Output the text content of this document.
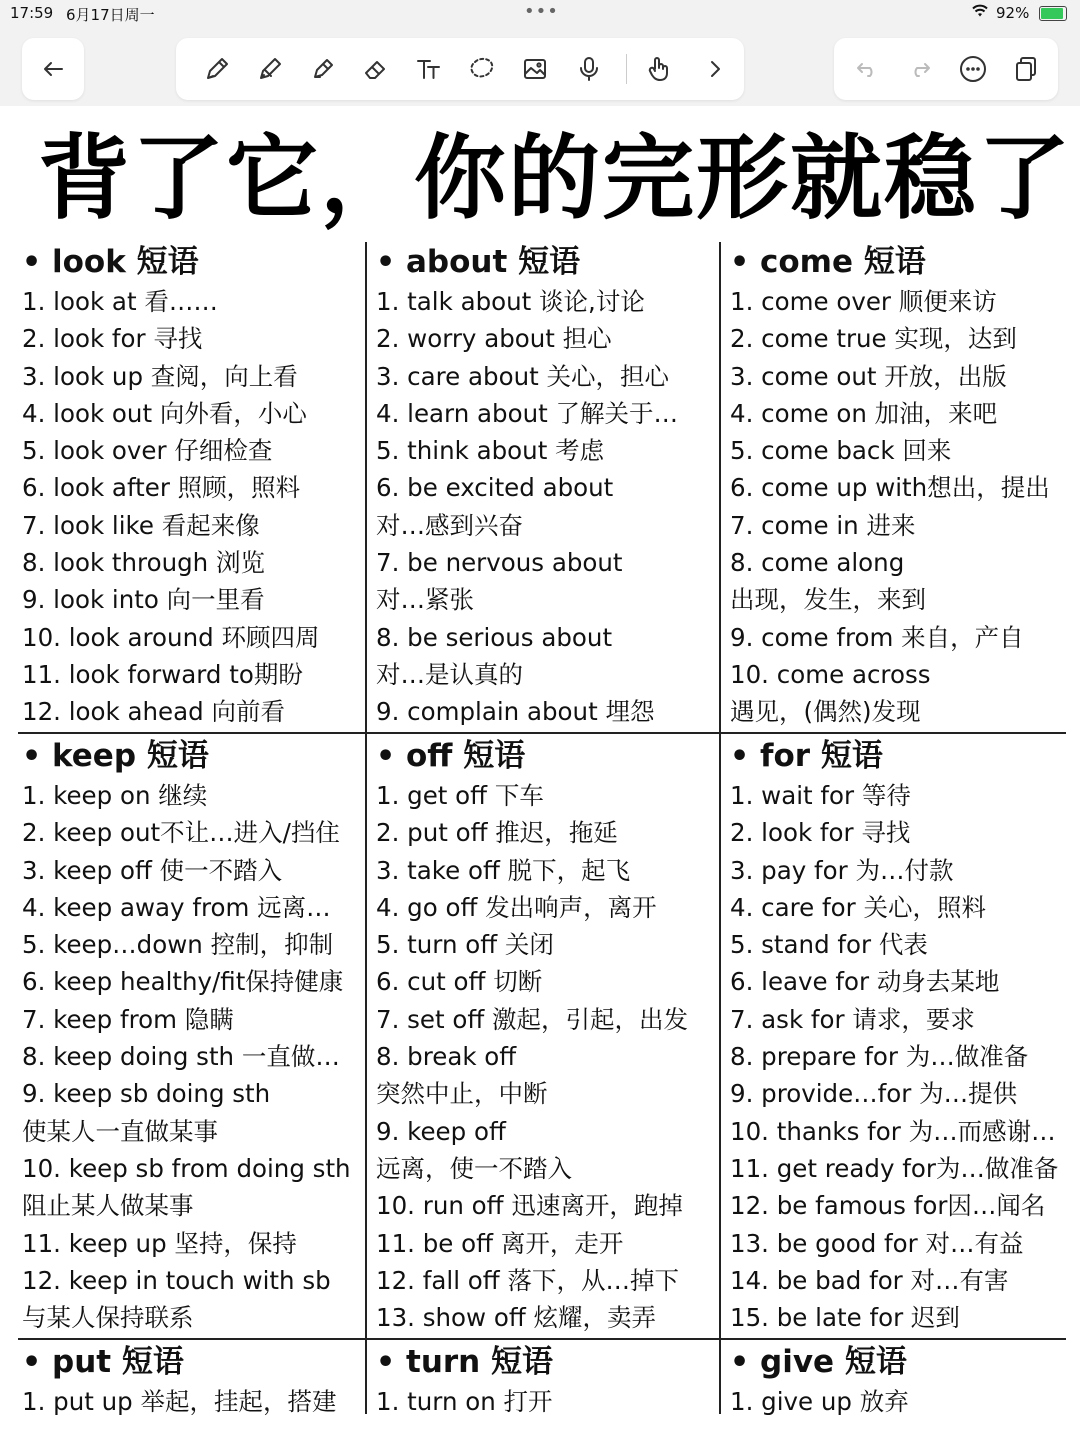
17:59 6月17日周一	•••	92%
背了它，你的完形就稳了
• look 短语
1. look at 看……
2. look for 寻找
3. look up 查阅，向上看
4. look out 向外看，小心
5. look over 仔细检查
6. look after 照顾，照料
7. look like 看起来像
8. look through 浏览
9. look into 向一里看
10. look around 环顾四周
11. look forward to期盼
12. look ahead 向前看
• about 短语
1. talk about 谈论,讨论
2. worry about 担心
3. care about 关心，担心
4. learn about 了解关于…
5. think about 考虑
6. be excited about
对…感到兴奋
7. be nervous about
对…紧张
8. be serious about
对…是认真的
9. complain about 埋怨
• come 短语
1. come over 顺便来访
2. come true 实现，达到
3. come out 开放，出版
4. come on 加油，来吧
5. come back 回来
6. come up with想出，提出
7. come in 进来
8. come along
出现，发生，来到
9. come from 来自，产自
10. come across
遇见，(偶然)发现
• keep 短语
1. keep on 继续
2. keep out不让…进入/挡住
3. keep off 使一不踏入
4. keep away from 远离…
5. keep…down 控制，抑制
6. keep healthy/fit保持健康
7. keep from 隐瞒
8. keep doing sth 一直做…
9. keep sb doing sth
使某人一直做某事
10. keep sb from doing sth
阻止某人做某事
11. keep up 坚持，保持
12. keep in touch with sb
与某人保持联系
• off 短语
1. get off 下车
2. put off 推迟，拖延
3. take off 脱下，起飞
4. go off 发出响声，离开
5. turn off 关闭
6. cut off 切断
7. set off 激起，引起，出发
8. break off
突然中止，中断
9. keep off
远离，使一不踏入
10. run off 迅速离开，跑掉
11. be off 离开，走开
12. fall off 落下，从…掉下
13. show off 炫耀，卖弄
• for 短语
1. wait for 等待
2. look for 寻找
3. pay for 为…付款
4. care for 关心，照料
5. stand for 代表
6. leave for 动身去某地
7. ask for 请求，要求
8. prepare for 为…做准备
9. provide…for 为…提供
10. thanks for 为…而感谢…
11. get ready for为…做准备
12. be famous for因…闻名
13. be good for 对…有益
14. be bad for 对…有害
15. be late for 迟到
• put 短语
1. put up 举起，挂起，搭建
• turn 短语
1. turn on 打开
• give 短语
1. give up 放弃
